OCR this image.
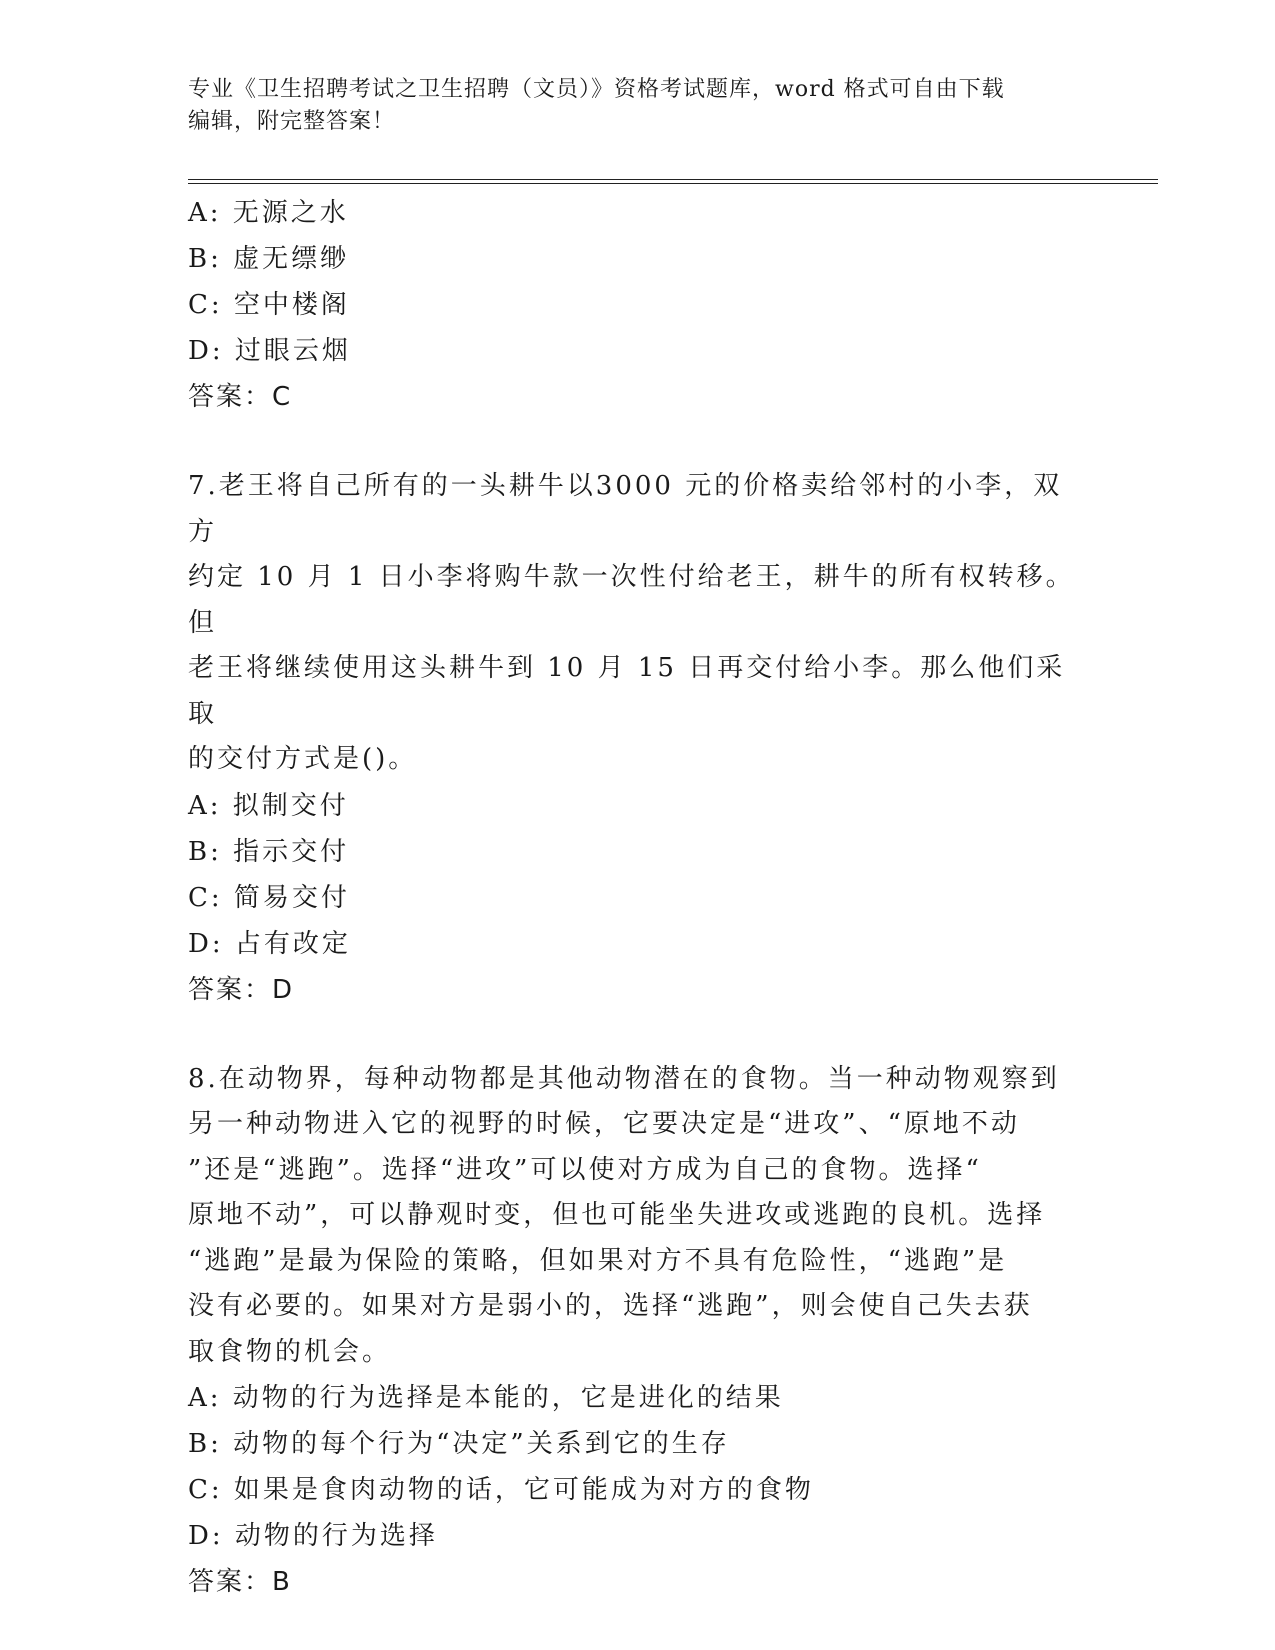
专业《卫生招聘考试之卫生招聘（文员）》资格考试题库，word 格式可自由下载
编辑，附完整答案！
A: 无源之水
B: 虚无缥缈
C: 空中楼阁
D: 过眼云烟
答案：C
7.老王将自己所有的一头耕牛以3000 元的价格卖给邻村的小李，双方
约定 10 月 1 日小李将购牛款一次性付给老王，耕牛的所有权转移。但
老王将继续使用这头耕牛到 10 月 15 日再交付给小李。那么他们采取
的交付方式是()。
A: 拟制交付
B: 指示交付
C: 简易交付
D: 占有改定
答案：D
8.在动物界，每种动物都是其他动物潜在的食物。当一种动物观察到
另一种动物进入它的视野的时候，它要决定是“进攻”、“原地不动
”还是“逃跑”。选择“进攻”可以使对方成为自己的食物。选择“
原地不动”，可以静观时变，但也可能坐失进攻或逃跑的良机。选择
“逃跑”是最为保险的策略，但如果对方不具有危险性，“逃跑”是
没有必要的。如果对方是弱小的，选择“逃跑”，则会使自己失去获
取食物的机会。
A: 动物的行为选择是本能的，它是进化的结果
B: 动物的每个行为“决定”关系到它的生存
C: 如果是食肉动物的话，它可能成为对方的食物
D: 动物的行为选择
答案：B
